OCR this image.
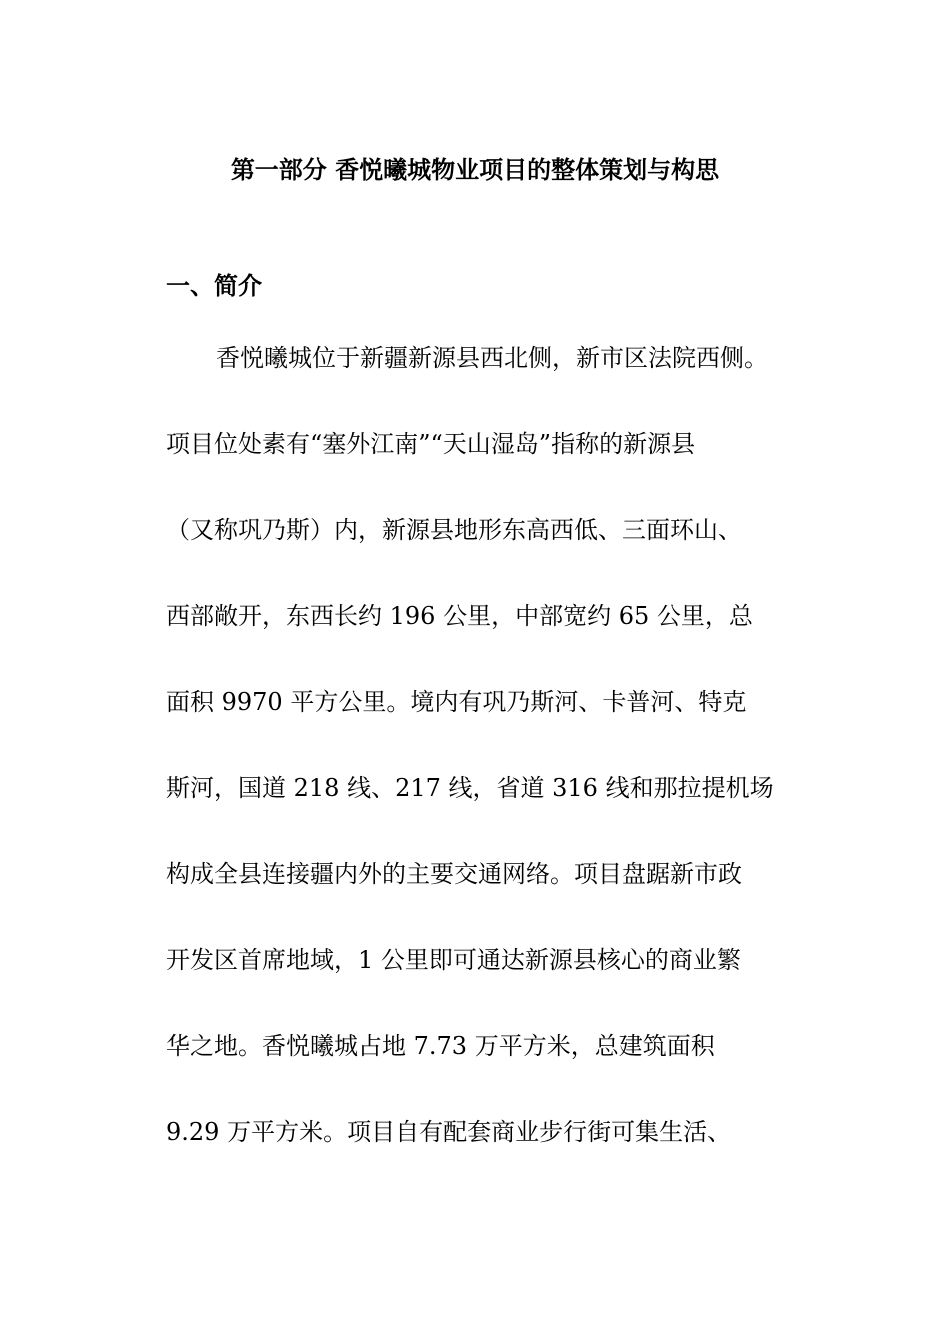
第一部分 香悦曦城物业项目的整体策划与构思
一、简介
香悦曦城位于新疆新源县西北侧，新市区法院西侧。
项目位处素有“塞外江南”“天山湿岛”指称的新源县
（又称巩乃斯）内，新源县地形东高西低、三面环山、
西部敞开，东西长约 196 公里，中部宽约 65 公里，总
面积 9970 平方公里。境内有巩乃斯河、卡普河、特克
斯河，国道 218 线、217 线，省道 316 线和那拉提机场
构成全县连接疆内外的主要交通网络。项目盘踞新市政
开发区首席地域，1 公里即可通达新源县核心的商业繁
华之地。香悦曦城占地 7.73 万平方米，总建筑面积
9.29 万平方米。项目自有配套商业步行街可集生活、
